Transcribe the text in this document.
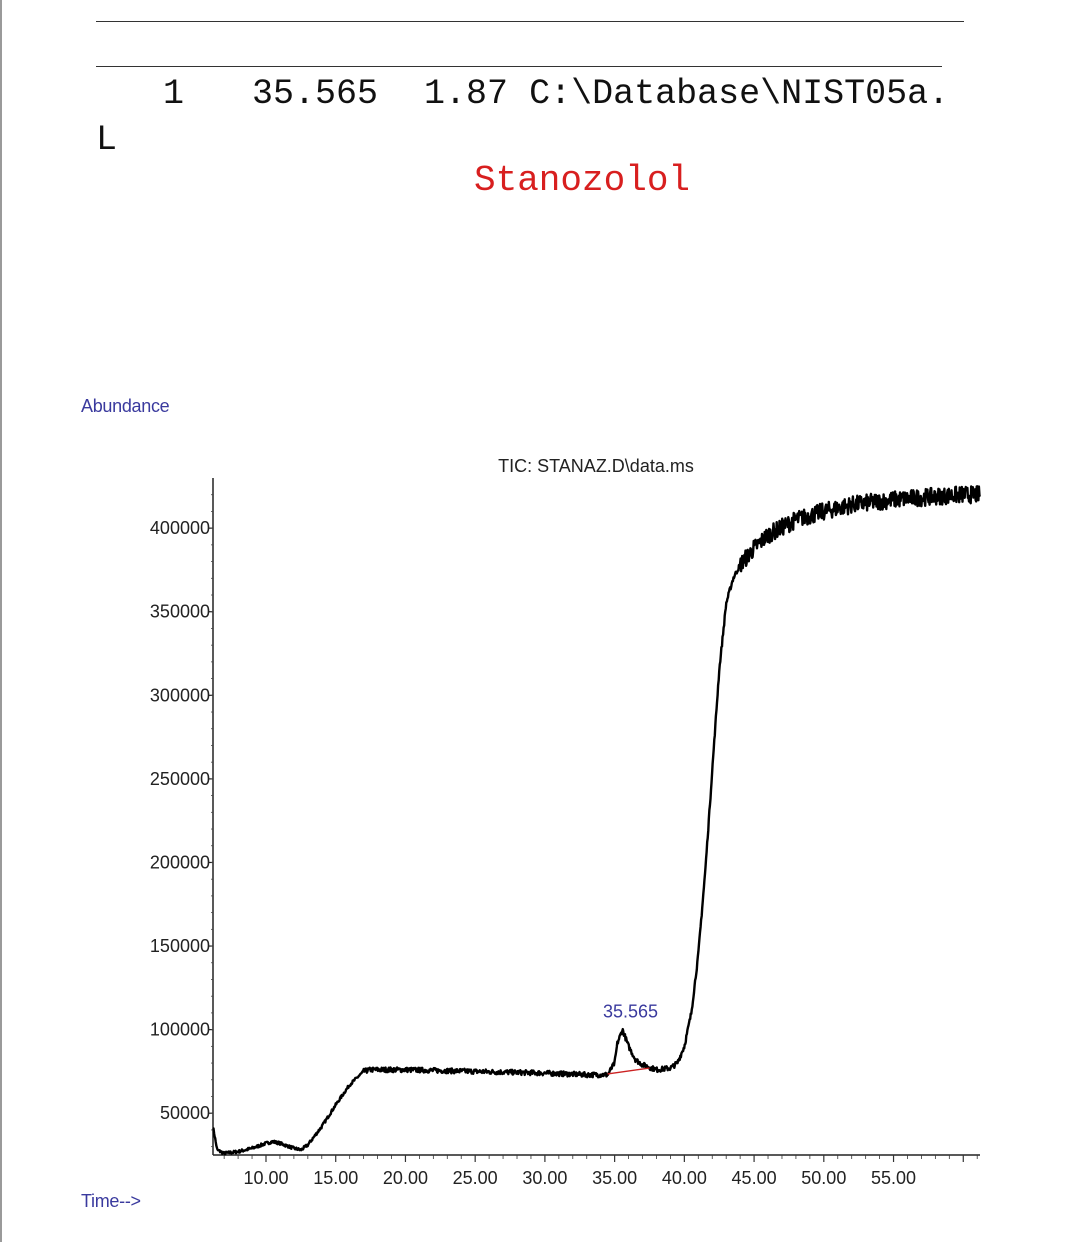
1 35.565 1.87 C:\Database\NIST05a.
L
Stanozolol
Abundance
Time-->
TIC: STANAZ.D\data.ms
50000
100000
150000
200000
250000
300000
350000
400000
10.00 15.00 20.00 25.00 30.00 35.00 40.00 45.00 50.00 55.00
35.565
